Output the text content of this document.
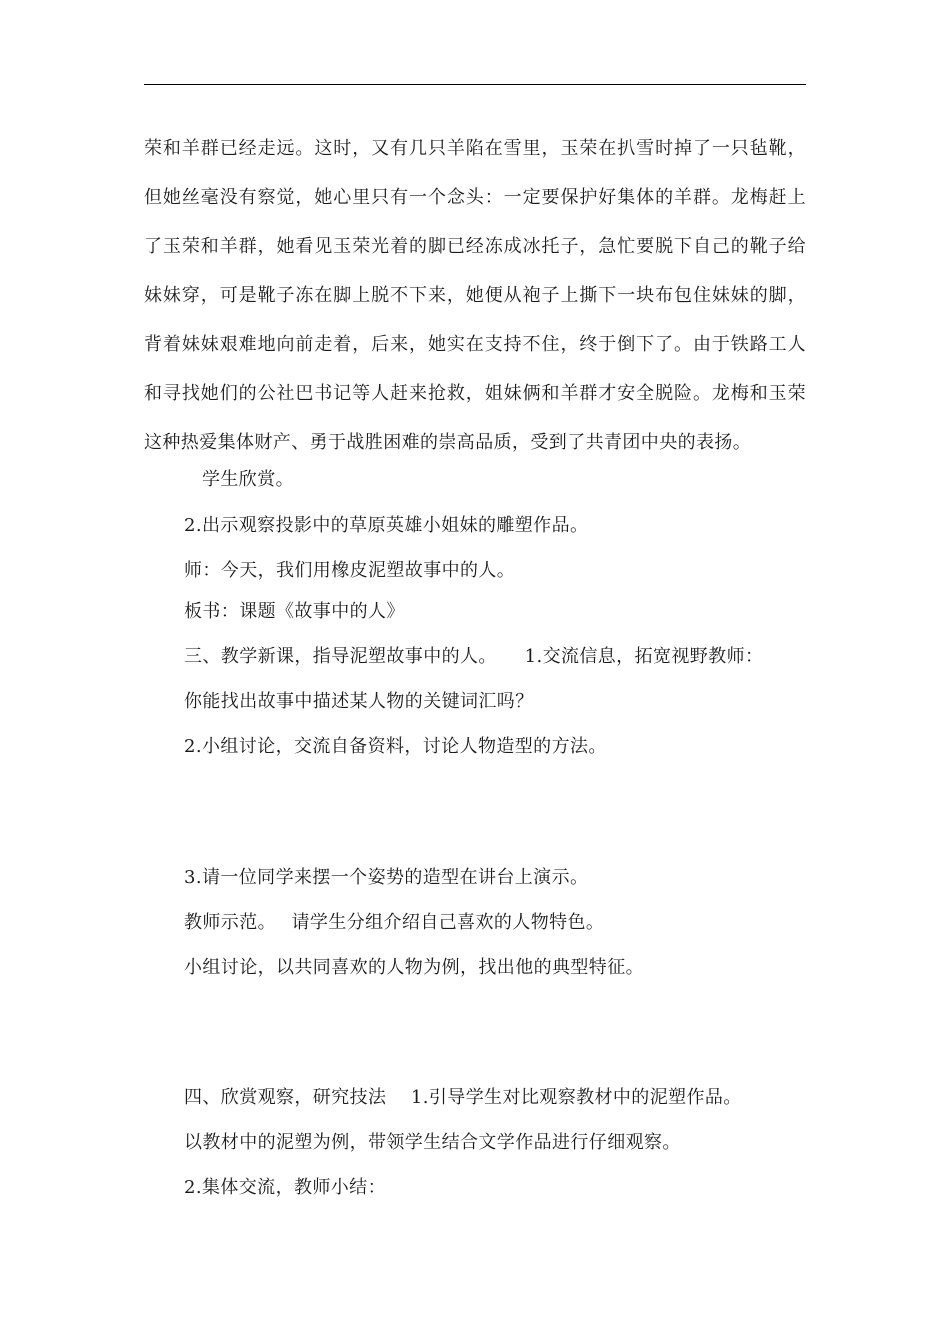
荣和羊群已经走远。这时，又有几只羊陷在雪里，玉荣在扒雪时掉了一只毡靴，但她丝毫没有察觉，她心里只有一个念头：一定要保护好集体的羊群。龙梅赶上了玉荣和羊群，她看见玉荣光着的脚已经冻成冰托子，急忙要脱下自己的靴子给妹妹穿，可是靴子冻在脚上脱不下来，她便从袍子上撕下一块布包住妹妹的脚，背着妹妹艰难地向前走着，后来，她实在支持不住，终于倒下了。由于铁路工人和寻找她们的公社巴书记等人赶来抢救，姐妹俩和羊群才安全脱险。龙梅和玉荣这种热爱集体财产、勇于战胜困难的崇高品质，受到了共青团中央的表扬。

学生欣赏。

2.出示观察投影中的草原英雄小姐妹的雕塑作品。

师：今天，我们用橡皮泥塑故事中的人。

板书：课题《故事中的人》

三、教学新课，指导泥塑故事中的人。　　1.交流信息，拓宽视野教师：

你能找出故事中描述某人物的关键词汇吗？

2.小组讨论，交流自备资料，讨论人物造型的方法。

3.请一位同学来摆一个姿势的造型在讲台上演示。

教师示范。　 请学生分组介绍自己喜欢的人物特色。

小组讨论，以共同喜欢的人物为例，找出他的典型特征。

四、欣赏观察，研究技法　 1.引导学生对比观察教材中的泥塑作品。

以教材中的泥塑为例，带领学生结合文学作品进行仔细观察。

2.集体交流，教师小结：
